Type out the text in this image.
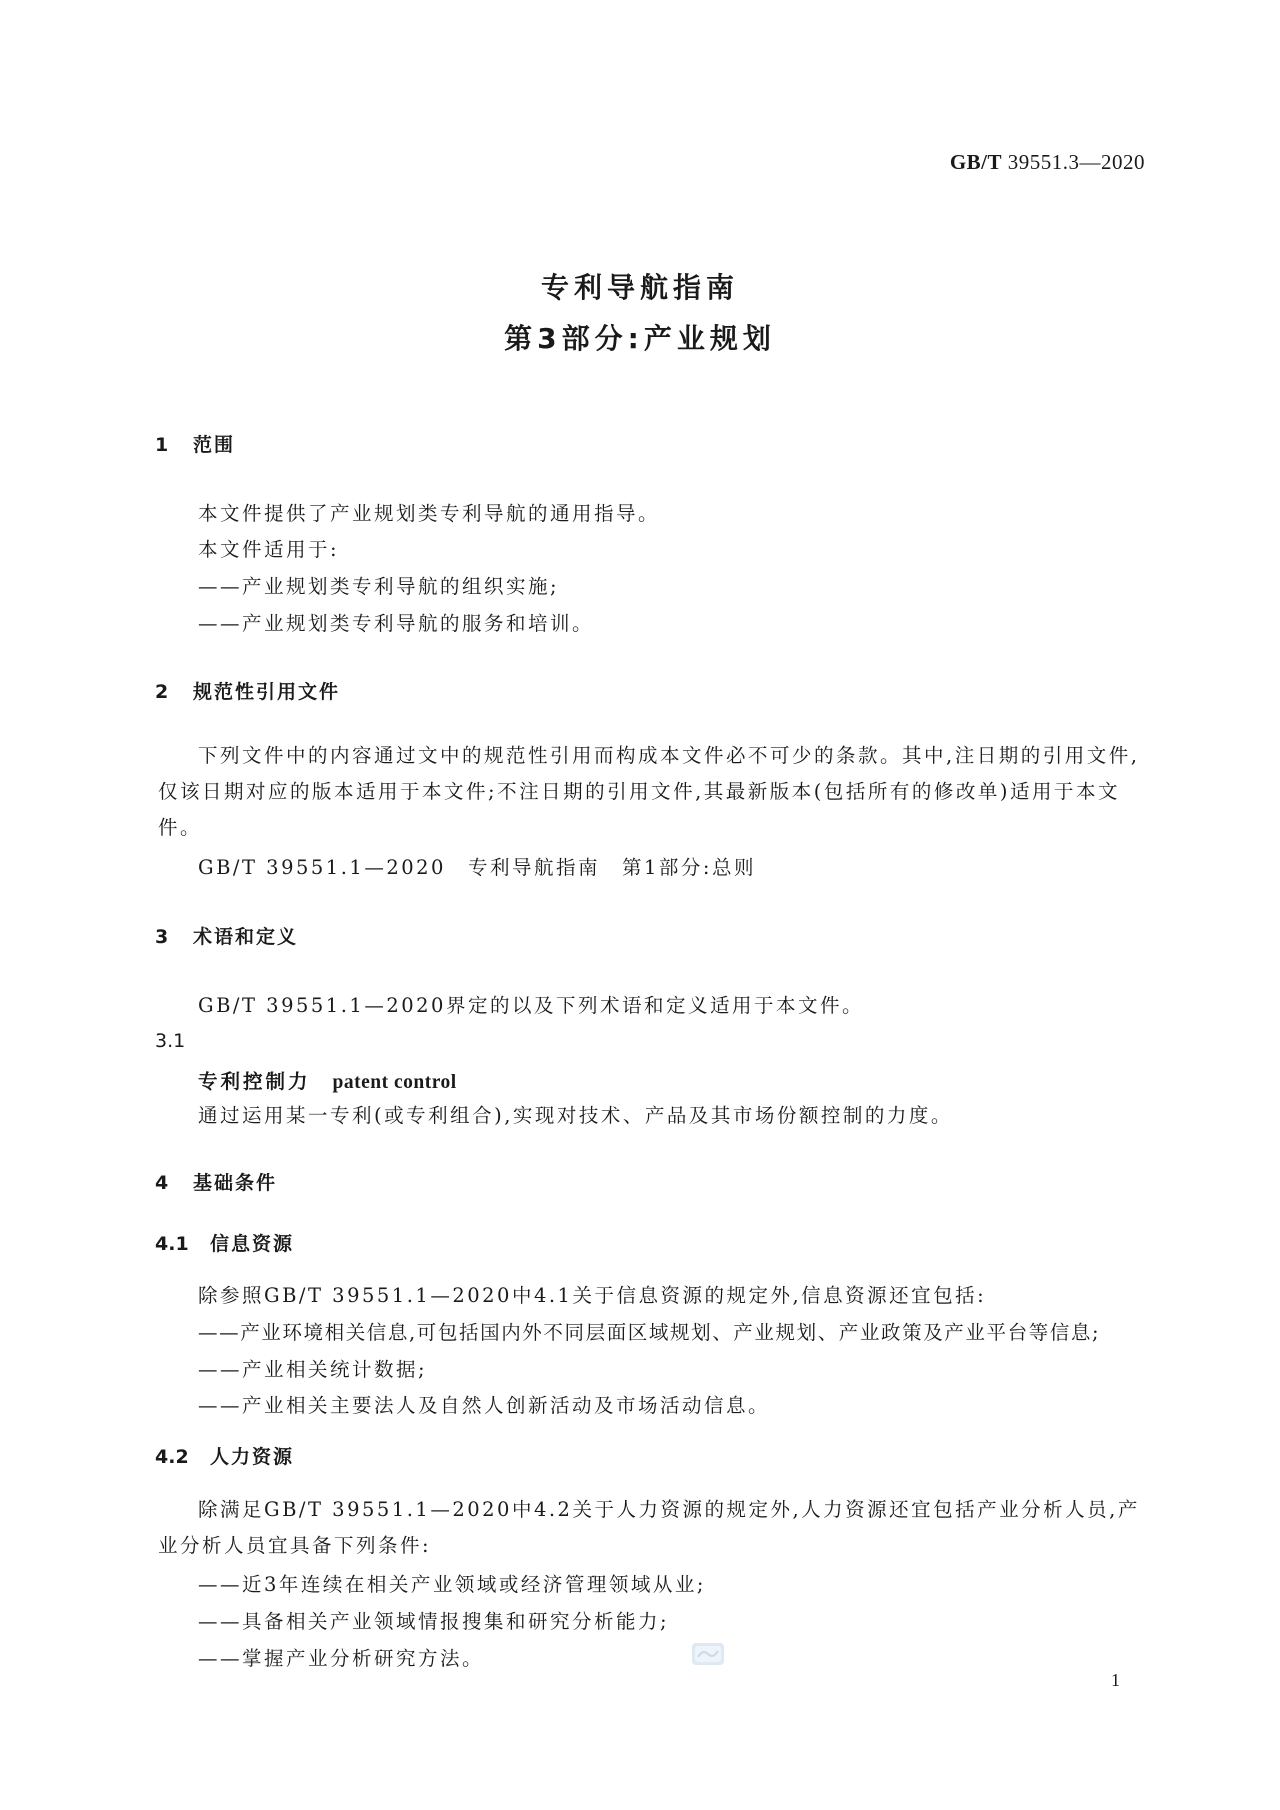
GB/T 39551.3—2020
专利导航指南
第3部分:产业规划
1 范围

本文件提供了产业规划类专利导航的通用指导。

本文件适用于:

——产业规划类专利导航的组织实施;

——产业规划类专利导航的服务和培训。

2 规范性引用文件

下列文件中的内容通过文中的规范性引用而构成本文件必不可少的条款。其中,注日期的引用文件,仅该日期对应的版本适用于本文件;不注日期的引用文件,其最新版本(包括所有的修改单)适用于本文件。

GB/T 39551.1—2020 专利导航指南 第1部分:总则
3 术语和定义

GB/T 39551.1—2020界定的以及下列术语和定义适用于本文件。

3.1
专利控制力 patent control

通过运用某一专利(或专利组合),实现对技术、产品及其市场份额控制的力度。

4 基础条件
4.1 信息资源

除参照GB/T 39551.1—2020中4.1关于信息资源的规定外,信息资源还宜包括:

——产业环境相关信息,可包括国内外不同层面区域规划、产业规划、产业政策及产业平台等信息;

——产业相关统计数据;

——产业相关主要法人及自然人创新活动及市场活动信息。

4.2 人力资源

除满足GB/T 39551.1—2020中4.2关于人力资源的规定外,人力资源还宜包括产业分析人员,产业分析人员宜具备下列条件:

——近3年连续在相关产业领域或经济管理领域从业;

——具备相关产业领域情报搜集和研究分析能力;

——掌握产业分析研究方法。

1
